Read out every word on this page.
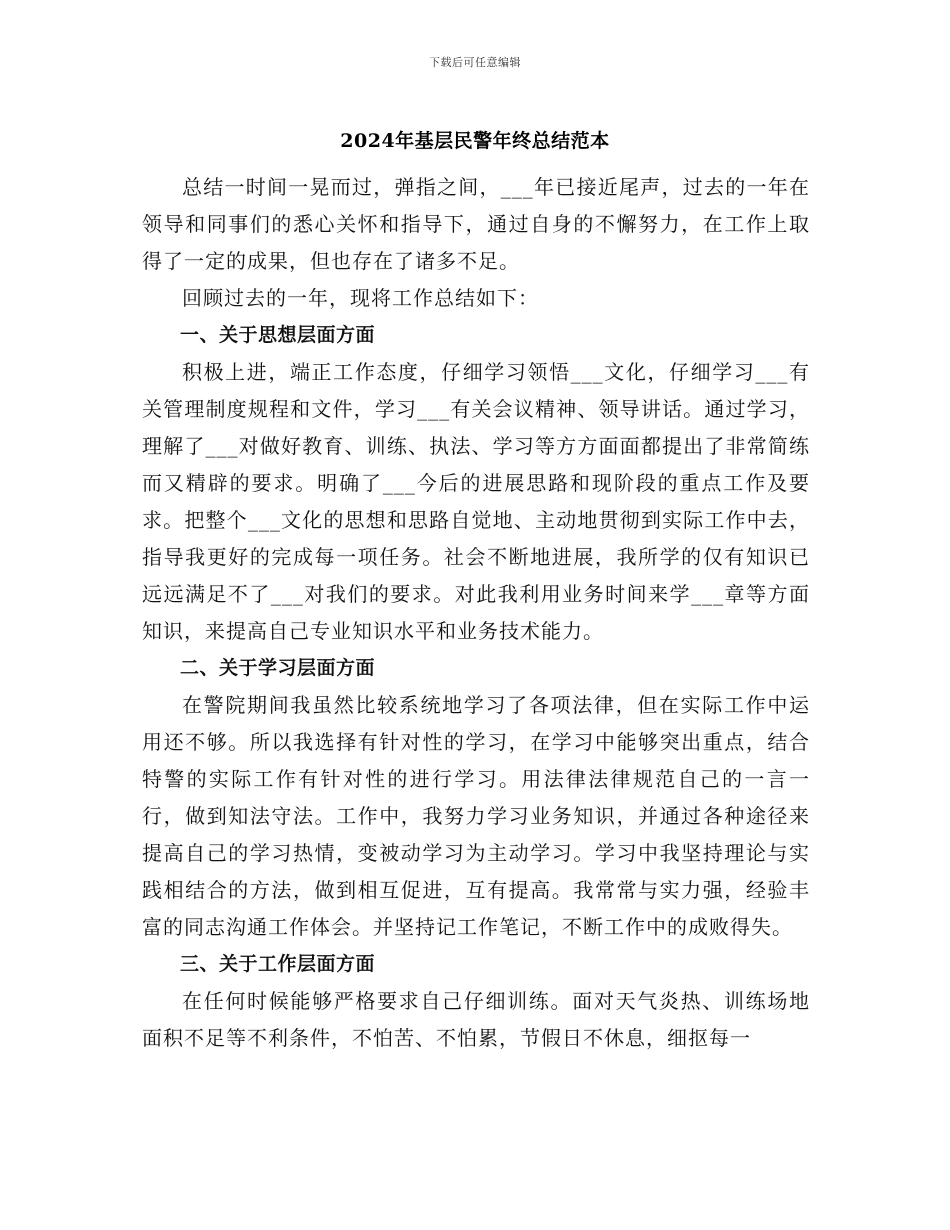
下载后可任意编辑
2024年基层民警年终总结范本

总结一时间一晃而过，弹指之间，___年已接近尾声，过去的一年在领导和同事们的悉心关怀和指导下，通过自身的不懈努力，在工作上取得了一定的成果，但也存在了诸多不足。

回顾过去的一年，现将工作总结如下：

一、关于思想层面方面

积极上进，端正工作态度，仔细学习领悟___文化，仔细学习___有关管理制度规程和文件，学习___有关会议精神、领导讲话。通过学习，理解了___对做好教育、训练、执法、学习等方方面面都提出了非常简练而又精辟的要求。明确了___今后的进展思路和现阶段的重点工作及要求。把整个___文化的思想和思路自觉地、主动地贯彻到实际工作中去，指导我更好的完成每一项任务。社会不断地进展，我所学的仅有知识已远远满足不了___对我们的要求。对此我利用业务时间来学___章等方面知识，来提高自己专业知识水平和业务技术能力。

二、关于学习层面方面

在警院期间我虽然比较系统地学习了各项法律，但在实际工作中运用还不够。所以我选择有针对性的学习，在学习中能够突出重点，结合特警的实际工作有针对性的进行学习。用法律法律规范自己的一言一行，做到知法守法。工作中，我努力学习业务知识，并通过各种途径来提高自己的学习热情，变被动学习为主动学习。学习中我坚持理论与实践相结合的方法，做到相互促进，互有提高。我常常与实力强，经验丰富的同志沟通工作体会。并坚持记工作笔记，不断工作中的成败得失。

三、关于工作层面方面

在任何时候能够严格要求自己仔细训练。面对天气炎热、训练场地面积不足等不利条件，不怕苦、不怕累，节假日不休息，细抠每一
